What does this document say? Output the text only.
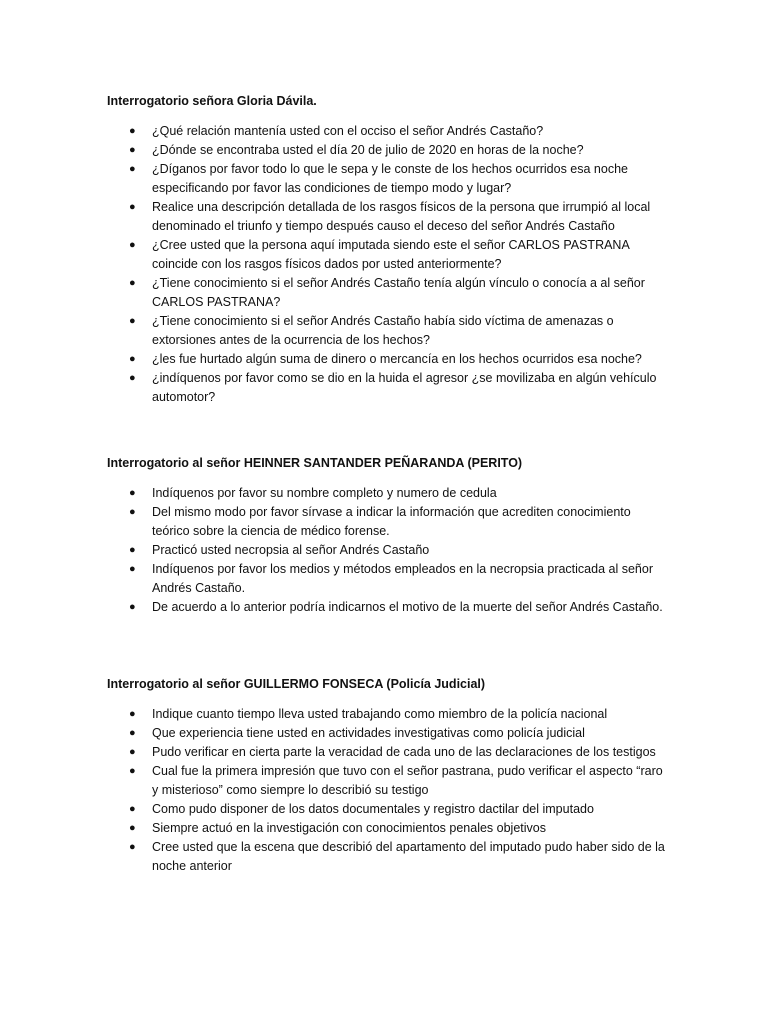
Interrogatorio señora Gloria Dávila.

● ¿Qué relación mantenía usted con el occiso el señor Andrés Castaño?
● ¿Dónde se encontraba usted el día 20 de julio de 2020 en horas de la noche?
● ¿Díganos por favor todo lo que le sepa y le conste de los hechos ocurridos esa noche especificando por favor las condiciones de tiempo modo y lugar?
● Realice una descripción detallada de los rasgos físicos de la persona que irrumpió al local denominado el triunfo y tiempo después causo el deceso del señor Andrés Castaño
● ¿Cree usted que la persona aquí imputada siendo este el señor CARLOS PASTRANA coincide con los rasgos físicos dados por usted anteriormente?
● ¿Tiene conocimiento si el señor Andrés Castaño tenía algún vínculo o conocía a al señor CARLOS PASTRANA?
● ¿Tiene conocimiento si el señor Andrés Castaño había sido víctima de amenazas o extorsiones antes de la ocurrencia de los hechos?
● ¿les fue hurtado algún suma de dinero o mercancía en los hechos ocurridos esa noche?
● ¿indíquenos por favor como se dio en la huida el agresor ¿se movilizaba en algún vehículo automotor?

Interrogatorio al señor HEINNER SANTANDER PEÑARANDA (PERITO)

● Indíquenos por favor su nombre completo y numero de cedula
● Del mismo modo por favor sírvase a indicar la información que acrediten conocimiento teórico sobre la ciencia de médico forense.
● Practicó usted necropsia al señor Andrés Castaño
● Indíquenos por favor los medios y métodos empleados en la necropsia practicada al señor Andrés Castaño.
● De acuerdo a lo anterior podría indicarnos el motivo de la muerte del señor Andrés Castaño.

Interrogatorio al señor GUILLERMO FONSECA (Policía Judicial)

● Indique cuanto tiempo lleva usted trabajando como miembro de la policía nacional
● Que experiencia tiene usted en actividades investigativas como policía judicial
● Pudo verificar en cierta parte la veracidad de cada uno de las declaraciones de los testigos
● Cual fue la primera impresión que tuvo con el señor pastrana, pudo verificar el aspecto “raro y misterioso” como siempre lo describió su testigo
● Como pudo disponer de los datos documentales y registro dactilar del imputado
● Siempre actuó en la investigación con conocimientos penales objetivos
● Cree usted que la escena que describió del apartamento del imputado pudo haber sido de la noche anterior
